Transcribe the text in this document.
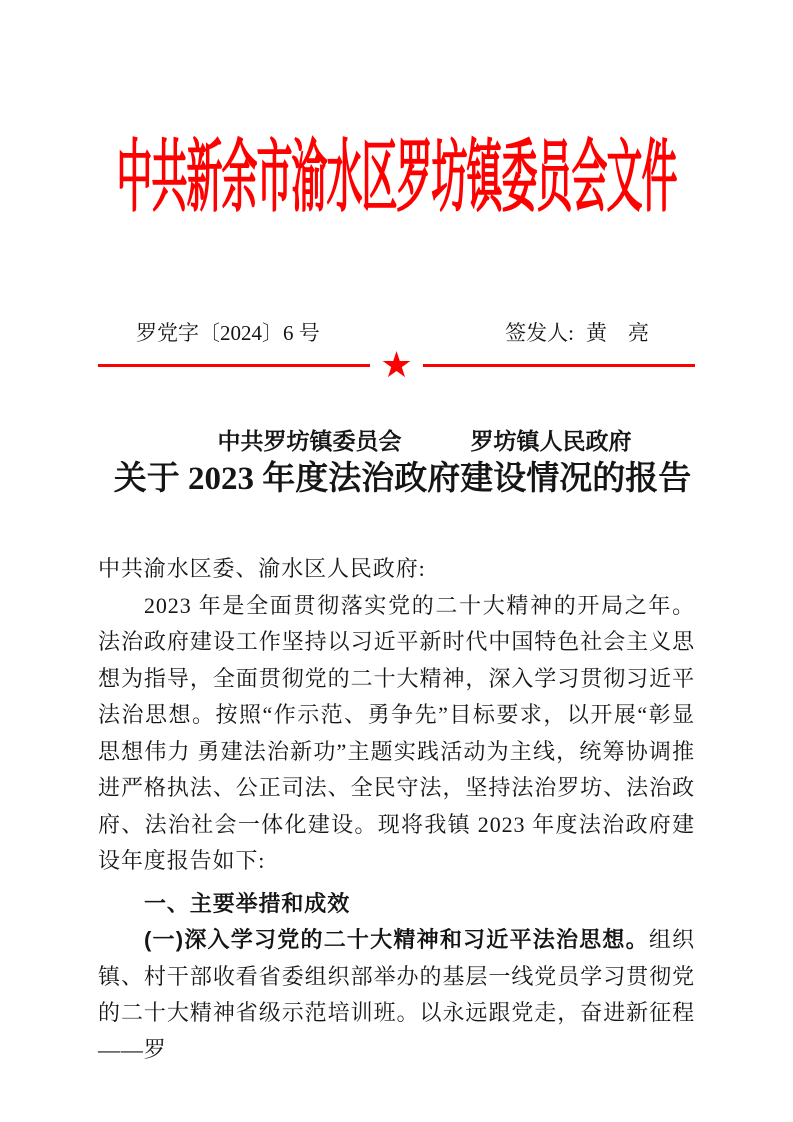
中共新余市渝水区罗坊镇委员会文件
罗党字〔2024〕6 号	签发人: 黄　亮
★
中共罗坊镇委员会	罗坊镇人民政府
关于 2023 年度法治政府建设情况的报告

中共渝水区委、渝水区人民政府:

2023 年是全面贯彻落实党的二十大精神的开局之年。法治政府建设工作坚持以习近平新时代中国特色社会主义思想为指导，全面贯彻党的二十大精神，深入学习贯彻习近平法治思想。按照“作示范、勇争先”目标要求，以开展“彰显思想伟力 勇建法治新功”主题实践活动为主线，统筹协调推进严格执法、公正司法、全民守法，坚持法治罗坊、法治政府、法治社会一体化建设。现将我镇 2023 年度法治政府建设年度报告如下:

一、主要举措和成效

(一)深入学习党的二十大精神和习近平法治思想。组织镇、村干部收看省委组织部举办的基层一线党员学习贯彻党的二十大精神省级示范培训班。以永远跟党走，奋进新征程——罗
